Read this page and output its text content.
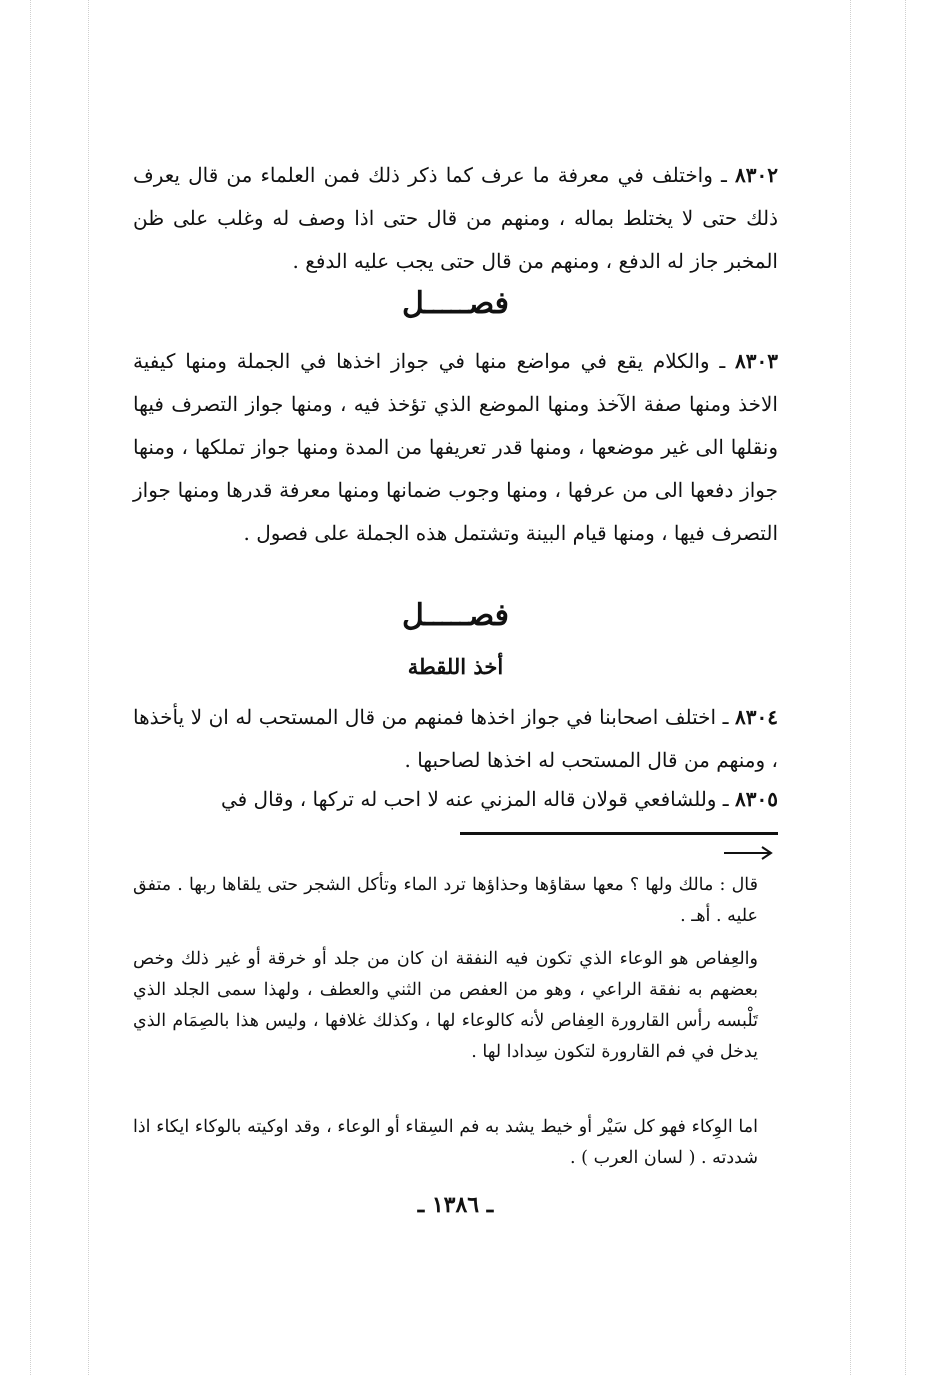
٨٣٠٢ ـ واختلف في معرفة ما عرف كما ذكر ذلك فمن العلماء من قال يعرف ذلك حتى لا يختلط بماله ، ومنهم من قال حتى اذا وصف له وغلب على ظن المخبر جاز له الدفع ، ومنهم من قال حتى يجب عليه الدفع .
فصـــــل
٨٣٠٣ ـ والكلام يقع في مواضع منها في جواز اخذها في الجملة ومنها كيفية الاخذ ومنها صفة الآخذ ومنها الموضع الذي تؤخذ فيه ، ومنها جواز التصرف فيها ونقلها الى غير موضعها ، ومنها قدر تعريفها من المدة ومنها جواز تملكها ، ومنها جواز دفعها الى من عرفها ، ومنها وجوب ضمانها ومنها معرفة قدرها ومنها جواز التصرف فيها ، ومنها قيام البينة وتشتمل هذه الجملة على فصول .
فصـــــل
أخذ اللقطة
٨٣٠٤ ـ اختلف اصحابنا في جواز اخذها فمنهم من قال المستحب له ان لا يأخذها ، ومنهم من قال المستحب له اخذها لصاحبها .
٨٣٠٥ ـ وللشافعي قولان قاله المزني عنه لا احب له تركها ، وقال في
قال : مالك ولها ؟ معها سقاؤها وحذاؤها ترد الماء وتأكل الشجر حتى يلقاها ربها . متفق عليه . أهـ .
والعِفاص هو الوعاء الذي تكون فيه النفقة ان كان من جلد أو خرقة أو غير ذلك وخص بعضهم به نفقة الراعي ، وهو من العفص من الثني والعطف ، ولهذا سمى الجلد الذي تَلْبسه رأس القارورة العِفاص لأنه كالوعاء لها ، وكذلك غلافها ، وليس هذا بالصِمَام الذي يدخل في فم القارورة لتكون سِدادا لها .
اما الوِكاء فهو كل سَيْر أو خيط يشد به فم السِقاء أو الوعاء ، وقد اوكيته بالوكاء ايكاء اذا شددته . ( لسان العرب ) .
ـ ١٣٨٦ ـ
